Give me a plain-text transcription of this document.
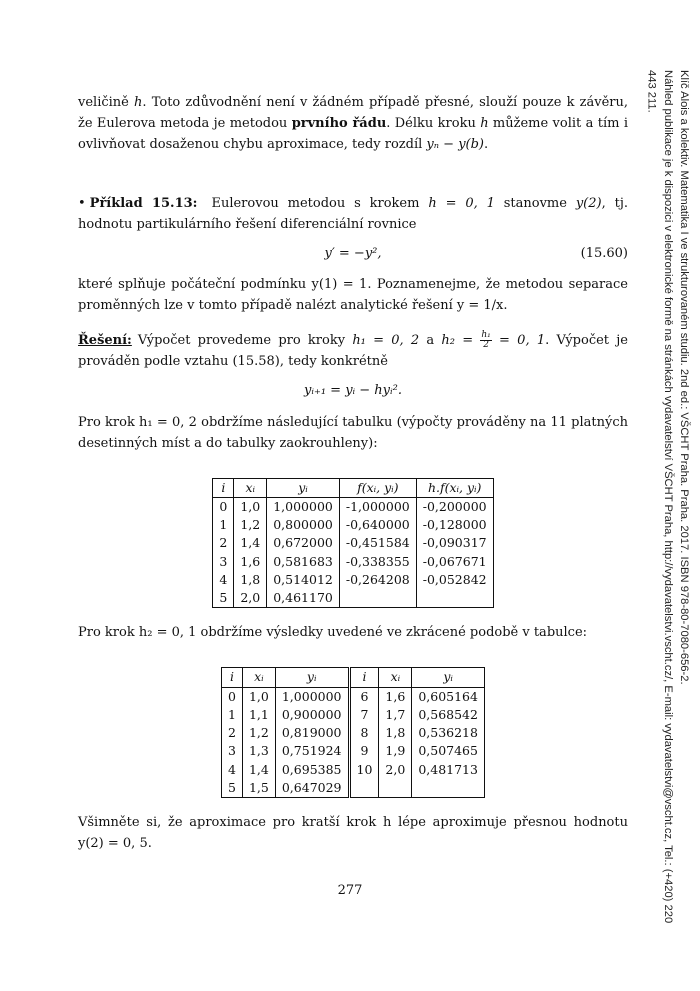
veličině h. Toto zdůvodnění není v žádném případě přesné, slouží pouze k závěru, že Eulerova metoda je metodou prvního řádu. Délku kroku h můžeme volit a tím i ovlivňovat dosaženou chybu aproximace, tedy rozdíl yₙ − y(b).

• Příklad 15.13: Eulerovou metodou s krokem h = 0, 1 stanovme y(2), tj. hodnotu partikulárního řešení diferenciální rovnice

y′ = −y²,	(15.60)

které splňuje počáteční podmínku y(1) = 1. Poznamenejme, že metodou separace proměnných lze v tomto případě nalézt analytické řešení y = 1/x.

Řešení: Výpočet provedeme pro kroky h₁ = 0, 2 a $h_2 = \frac{\text{h₁}}{2} = 0$, 1. Výpočet je prováděn podle vztahu (15.58), tedy konkrétně

yᵢ₊₁ = yᵢ − hyᵢ².

Pro krok h₁ = 0, 2 obdržíme následující tabulku (výpočty prováděny na 11 platných desetinných míst a do tabulky zaokrouhleny):

i	xᵢ	yᵢ	f(xᵢ, yᵢ)	h.f(xᵢ, yᵢ)
0	1,0	1,000000	-1,000000	-0,200000
1	1,2	0,800000	-0,640000	-0,128000
2	1,4	0,672000	-0,451584	-0,090317
3	1,6	0,581683	-0,338355	-0,067671
4	1,8	0,514012	-0,264208	-0,052842
5	2,0	0,461170		

Pro krok h₂ = 0, 1 obdržíme výsledky uvedené ve zkrácené podobě v tabulce:

i	xᵢ	yᵢ	i	xᵢ	yᵢ
0	1,0	1,000000	6	1,6	0,605164
1	1,1	0,900000	7	1,7	0,568542
2	1,2	0,819000	8	1,8	0,536218
3	1,3	0,751924	9	1,9	0,507465
4	1,4	0,695385	10	2,0	0,481713
5	1,5	0,647029			

Všimněte si, že aproximace pro kratší krok h lépe aproximuje přesnou hodnotu y(2) = 0, 5.

277
Klíč Alois a kolektiv. Matematika I ve strukturovaném studiu. 2nd ed.: VŠCHT Praha. Praha. 2017. ISBN 978-80-7080-656-2.
Náhled publikace je k dispozici v elektronické formě na stránkách vydavatelství VŠCHT Praha, http://vydavatelstvi.vscht.cz/, E-mail: vydavatelstvi@vscht.cz, Tel.: (+420) 220 443 211.
